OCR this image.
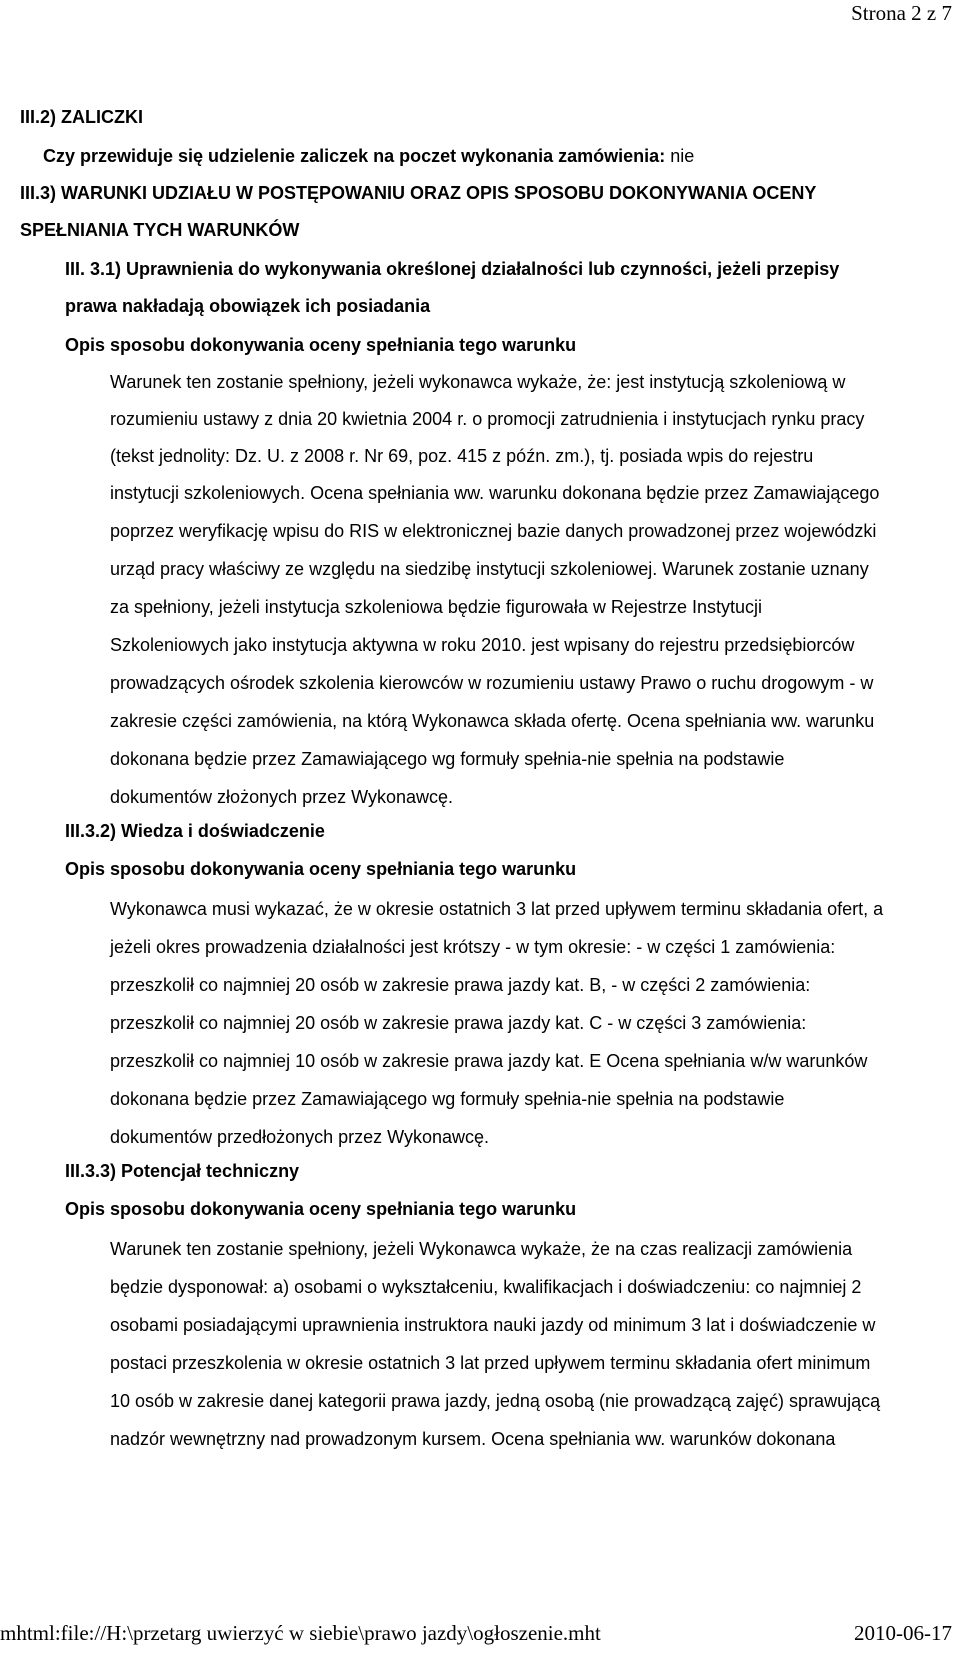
Strona 2 z 7
III.2) ZALICZKI
Czy przewiduje się udzielenie zaliczek na poczet wykonania zamówienia: nie
III.3) WARUNKI UDZIAŁU W POSTĘPOWANIU ORAZ OPIS SPOSOBU DOKONYWANIA OCENY
SPEŁNIANIA TYCH WARUNKÓW
III. 3.1) Uprawnienia do wykonywania określonej działalności lub czynności, jeżeli przepisy
prawa nakładają obowiązek ich posiadania
Opis sposobu dokonywania oceny spełniania tego warunku
Warunek ten zostanie spełniony, jeżeli wykonawca wykaże, że: jest instytucją szkoleniową w
rozumieniu ustawy z dnia 20 kwietnia 2004 r. o promocji zatrudnienia i instytucjach rynku pracy
(tekst jednolity: Dz. U. z 2008 r. Nr 69, poz. 415 z późn. zm.), tj. posiada wpis do rejestru
instytucji szkoleniowych. Ocena spełniania ww. warunku dokonana będzie przez Zamawiającego
poprzez weryfikację wpisu do RIS w elektronicznej bazie danych prowadzonej przez wojewódzki
urząd pracy właściwy ze względu na siedzibę instytucji szkoleniowej. Warunek zostanie uznany
za spełniony, jeżeli instytucja szkoleniowa będzie figurowała w Rejestrze Instytucji
Szkoleniowych jako instytucja aktywna w roku 2010. jest wpisany do rejestru przedsiębiorców
prowadzących ośrodek szkolenia kierowców w rozumieniu ustawy Prawo o ruchu drogowym - w
zakresie części zamówienia, na którą Wykonawca składa ofertę. Ocena spełniania ww. warunku
dokonana będzie przez Zamawiającego wg formuły spełnia-nie spełnia na podstawie
dokumentów złożonych przez Wykonawcę.
III.3.2) Wiedza i doświadczenie
Opis sposobu dokonywania oceny spełniania tego warunku
Wykonawca musi wykazać, że w okresie ostatnich 3 lat przed upływem terminu składania ofert, a
jeżeli okres prowadzenia działalności jest krótszy - w tym okresie: - w części 1 zamówienia:
przeszkolił co najmniej 20 osób w zakresie prawa jazdy kat. B, - w części 2 zamówienia:
przeszkolił co najmniej 20 osób w zakresie prawa jazdy kat. C - w części 3 zamówienia:
przeszkolił co najmniej 10 osób w zakresie prawa jazdy kat. E Ocena spełniania w/w warunków
dokonana będzie przez Zamawiającego wg formuły spełnia-nie spełnia na podstawie
dokumentów przedłożonych przez Wykonawcę.
III.3.3) Potencjał techniczny
Opis sposobu dokonywania oceny spełniania tego warunku
Warunek ten zostanie spełniony, jeżeli Wykonawca wykaże, że na czas realizacji zamówienia
będzie dysponował: a) osobami o wykształceniu, kwalifikacjach i doświadczeniu: co najmniej 2
osobami posiadającymi uprawnienia instruktora nauki jazdy od minimum 3 lat i doświadczenie w
postaci przeszkolenia w okresie ostatnich 3 lat przed upływem terminu składania ofert minimum
10 osób w zakresie danej kategorii prawa jazdy, jedną osobą (nie prowadzącą zajęć) sprawującą
nadzór wewnętrzny nad prowadzonym kursem. Ocena spełniania ww. warunków dokonana
mhtml:file://H:\przetarg uwierzyć w siebie\prawo jazdy\ogłoszenie.mht	2010-06-17
